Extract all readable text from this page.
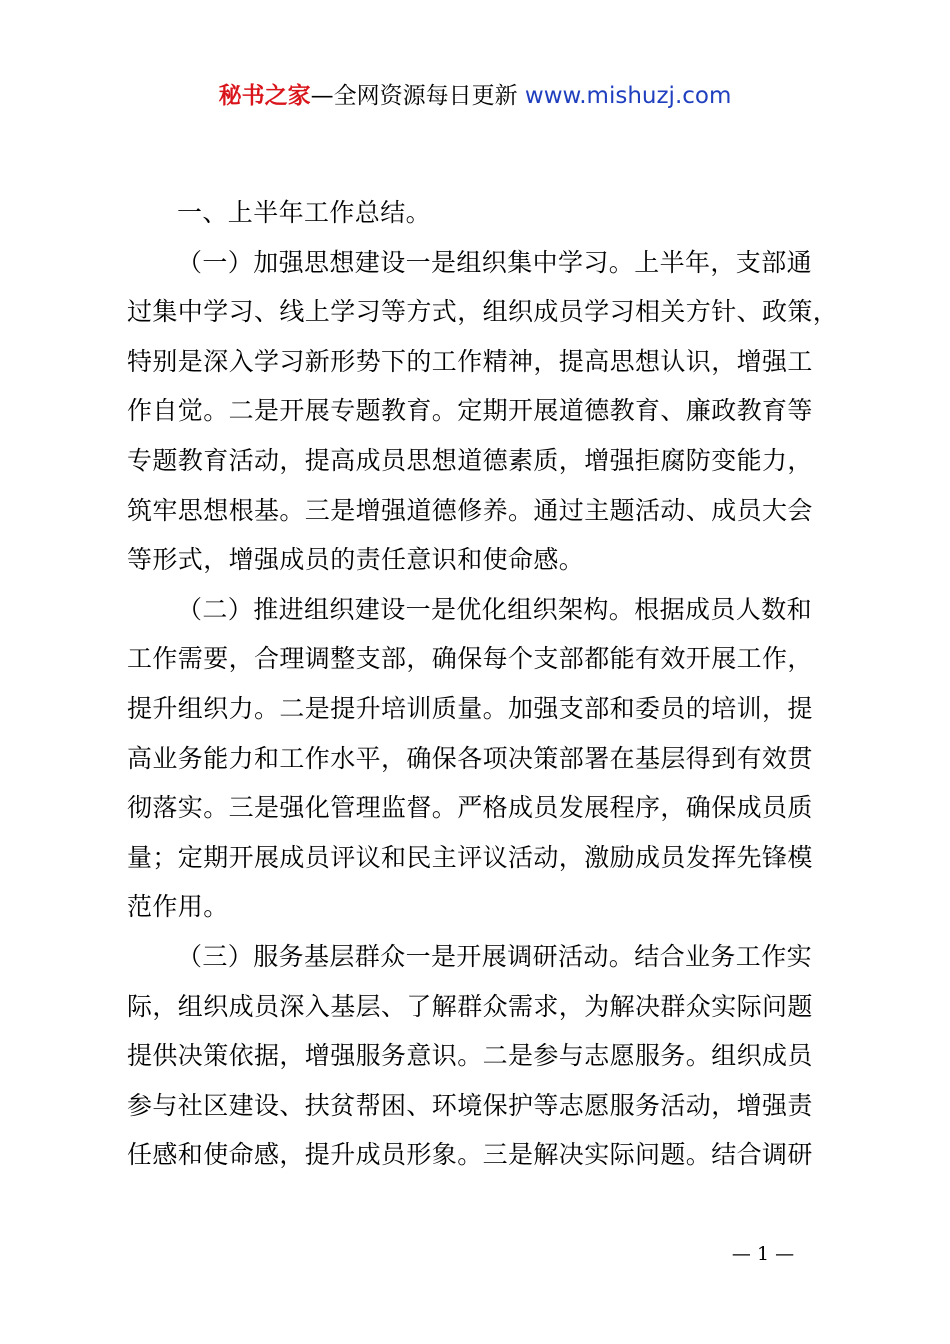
秘书之家—全网资源每日更新 www.mishuzj.com
一、上半年工作总结。
（一）加强思想建设一是组织集中学习。上半年，支部通
过集中学习、线上学习等方式，组织成员学习相关方针、政策，
特别是深入学习新形势下的工作精神，提高思想认识，增强工
作自觉。二是开展专题教育。定期开展道德教育、廉政教育等
专题教育活动，提高成员思想道德素质，增强拒腐防变能力，
筑牢思想根基。三是增强道德修养。通过主题活动、成员大会
等形式，增强成员的责任意识和使命感。
（二）推进组织建设一是优化组织架构。根据成员人数和
工作需要，合理调整支部，确保每个支部都能有效开展工作，
提升组织力。二是提升培训质量。加强支部和委员的培训，提
高业务能力和工作水平，确保各项决策部署在基层得到有效贯
彻落实。三是强化管理监督。严格成员发展程序，确保成员质
量；定期开展成员评议和民主评议活动，激励成员发挥先锋模
范作用。
（三）服务基层群众一是开展调研活动。结合业务工作实
际，组织成员深入基层、了解群众需求，为解决群众实际问题
提供决策依据，增强服务意识。二是参与志愿服务。组织成员
参与社区建设、扶贫帮困、环境保护等志愿服务活动，增强责
任感和使命感，提升成员形象。三是解决实际问题。结合调研
— 1 —
